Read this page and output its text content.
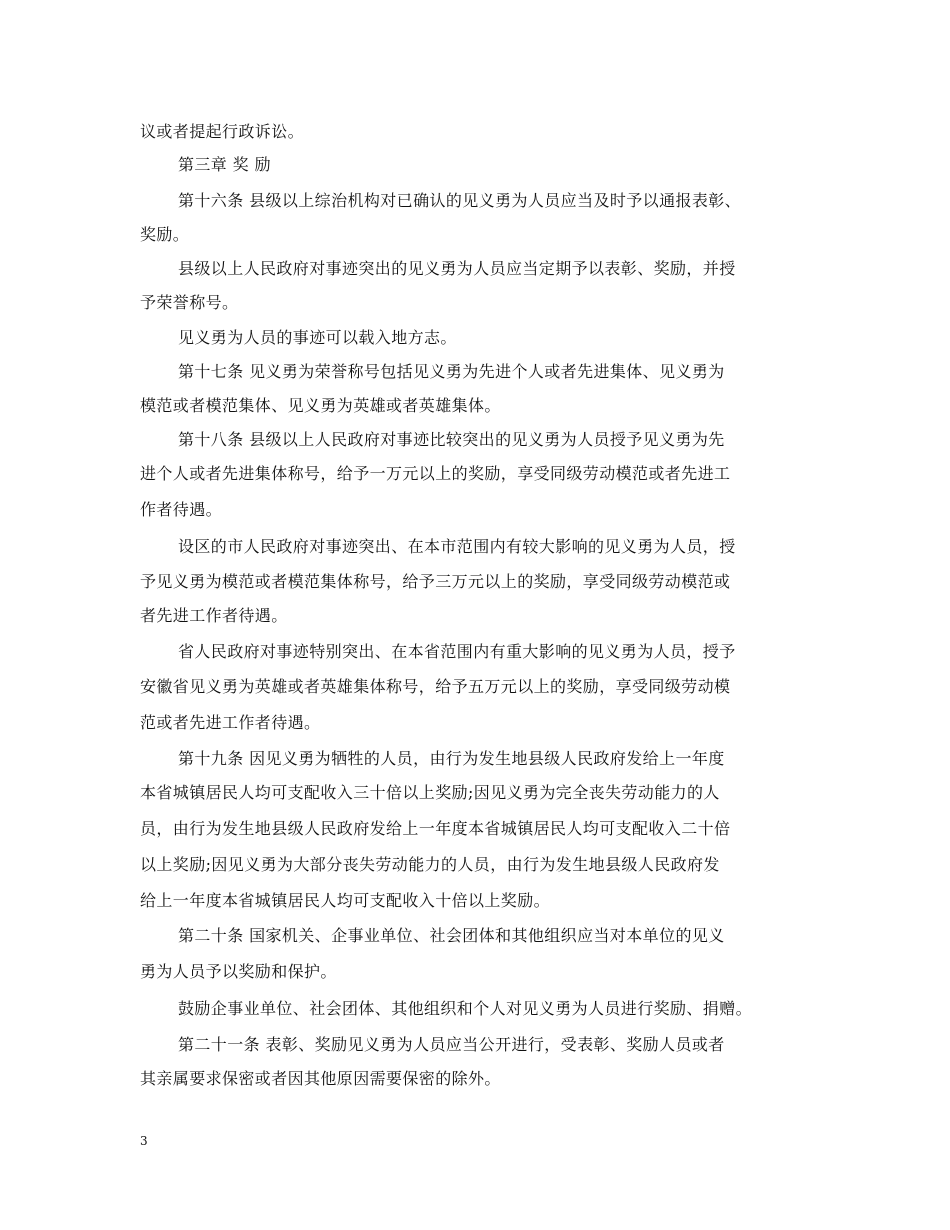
议或者提起行政诉讼。
第三章 奖 励
第十六条 县级以上综治机构对已确认的见义勇为人员应当及时予以通报表彰、
奖励。
县级以上人民政府对事迹突出的见义勇为人员应当定期予以表彰、奖励，并授
予荣誉称号。
见义勇为人员的事迹可以载入地方志。
第十七条 见义勇为荣誉称号包括见义勇为先进个人或者先进集体、见义勇为
模范或者模范集体、见义勇为英雄或者英雄集体。
第十八条 县级以上人民政府对事迹比较突出的见义勇为人员授予见义勇为先
进个人或者先进集体称号，给予一万元以上的奖励，享受同级劳动模范或者先进工
作者待遇。
设区的市人民政府对事迹突出、在本市范围内有较大影响的见义勇为人员，授
予见义勇为模范或者模范集体称号，给予三万元以上的奖励，享受同级劳动模范或
者先进工作者待遇。
省人民政府对事迹特别突出、在本省范围内有重大影响的见义勇为人员，授予
安徽省见义勇为英雄或者英雄集体称号，给予五万元以上的奖励，享受同级劳动模
范或者先进工作者待遇。
第十九条 因见义勇为牺牲的人员，由行为发生地县级人民政府发给上一年度
本省城镇居民人均可支配收入三十倍以上奖励;因见义勇为完全丧失劳动能力的人
员，由行为发生地县级人民政府发给上一年度本省城镇居民人均可支配收入二十倍
以上奖励;因见义勇为大部分丧失劳动能力的人员，由行为发生地县级人民政府发
给上一年度本省城镇居民人均可支配收入十倍以上奖励。
第二十条 国家机关、企事业单位、社会团体和其他组织应当对本单位的见义
勇为人员予以奖励和保护。
鼓励企事业单位、社会团体、其他组织和个人对见义勇为人员进行奖励、捐赠。
第二十一条 表彰、奖励见义勇为人员应当公开进行，受表彰、奖励人员或者
其亲属要求保密或者因其他原因需要保密的除外。
3
